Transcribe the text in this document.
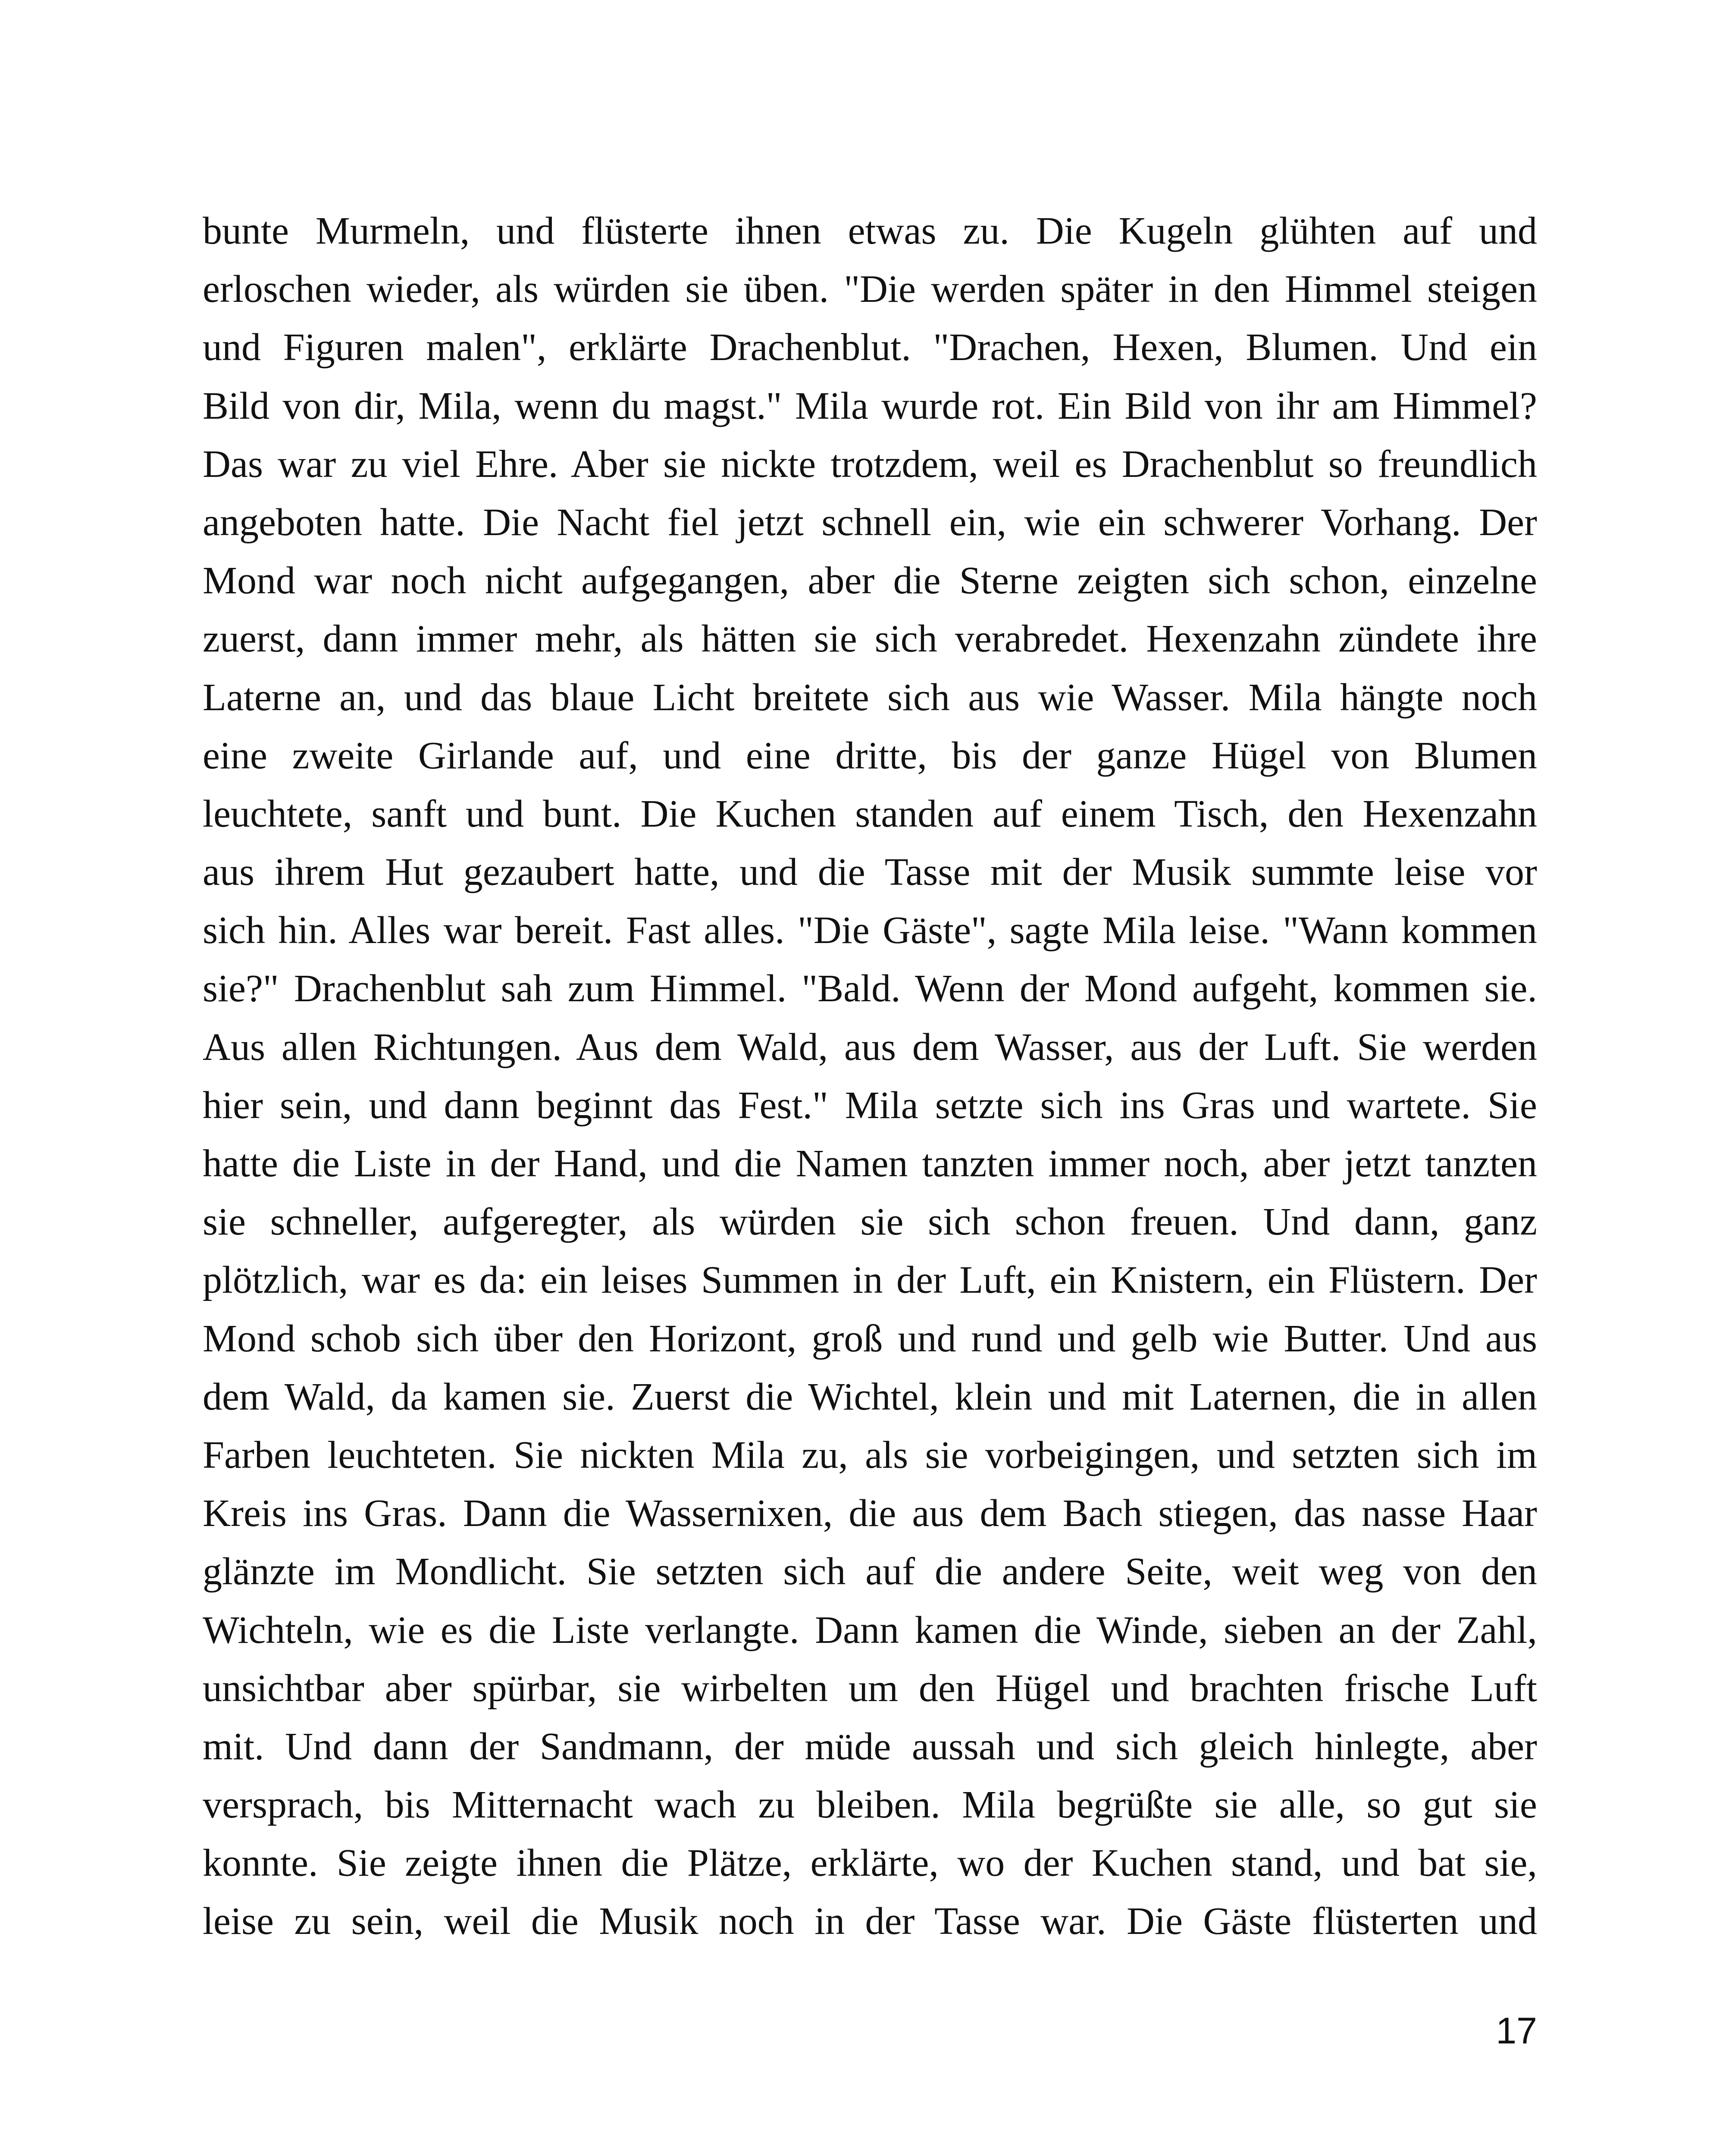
bunte Murmeln, und flüsterte ihnen etwas zu. Die Kugeln glühten auf und
erloschen wieder, als würden sie üben. "Die werden später in den Himmel steigen
und Figuren malen", erklärte Drachenblut. "Drachen, Hexen, Blumen. Und ein
Bild von dir, Mila, wenn du magst." Mila wurde rot. Ein Bild von ihr am Himmel?
Das war zu viel Ehre. Aber sie nickte trotzdem, weil es Drachenblut so freundlich
angeboten hatte. Die Nacht fiel jetzt schnell ein, wie ein schwerer Vorhang. Der
Mond war noch nicht aufgegangen, aber die Sterne zeigten sich schon, einzelne
zuerst, dann immer mehr, als hätten sie sich verabredet. Hexenzahn zündete ihre
Laterne an, und das blaue Licht breitete sich aus wie Wasser. Mila hängte noch
eine zweite Girlande auf, und eine dritte, bis der ganze Hügel von Blumen
leuchtete, sanft und bunt. Die Kuchen standen auf einem Tisch, den Hexenzahn
aus ihrem Hut gezaubert hatte, und die Tasse mit der Musik summte leise vor
sich hin. Alles war bereit. Fast alles. "Die Gäste", sagte Mila leise. "Wann kommen
sie?" Drachenblut sah zum Himmel. "Bald. Wenn der Mond aufgeht, kommen sie.
Aus allen Richtungen. Aus dem Wald, aus dem Wasser, aus der Luft. Sie werden
hier sein, und dann beginnt das Fest." Mila setzte sich ins Gras und wartete. Sie
hatte die Liste in der Hand, und die Namen tanzten immer noch, aber jetzt tanzten
sie schneller, aufgeregter, als würden sie sich schon freuen. Und dann, ganz
plötzlich, war es da: ein leises Summen in der Luft, ein Knistern, ein Flüstern. Der
Mond schob sich über den Horizont, groß und rund und gelb wie Butter. Und aus
dem Wald, da kamen sie. Zuerst die Wichtel, klein und mit Laternen, die in allen
Farben leuchteten. Sie nickten Mila zu, als sie vorbeigingen, und setzten sich im
Kreis ins Gras. Dann die Wassernixen, die aus dem Bach stiegen, das nasse Haar
glänzte im Mondlicht. Sie setzten sich auf die andere Seite, weit weg von den
Wichteln, wie es die Liste verlangte. Dann kamen die Winde, sieben an der Zahl,
unsichtbar aber spürbar, sie wirbelten um den Hügel und brachten frische Luft
mit. Und dann der Sandmann, der müde aussah und sich gleich hinlegte, aber
versprach, bis Mitternacht wach zu bleiben. Mila begrüßte sie alle, so gut sie
konnte. Sie zeigte ihnen die Plätze, erklärte, wo der Kuchen stand, und bat sie,
leise zu sein, weil die Musik noch in der Tasse war. Die Gäste flüsterten und

17
